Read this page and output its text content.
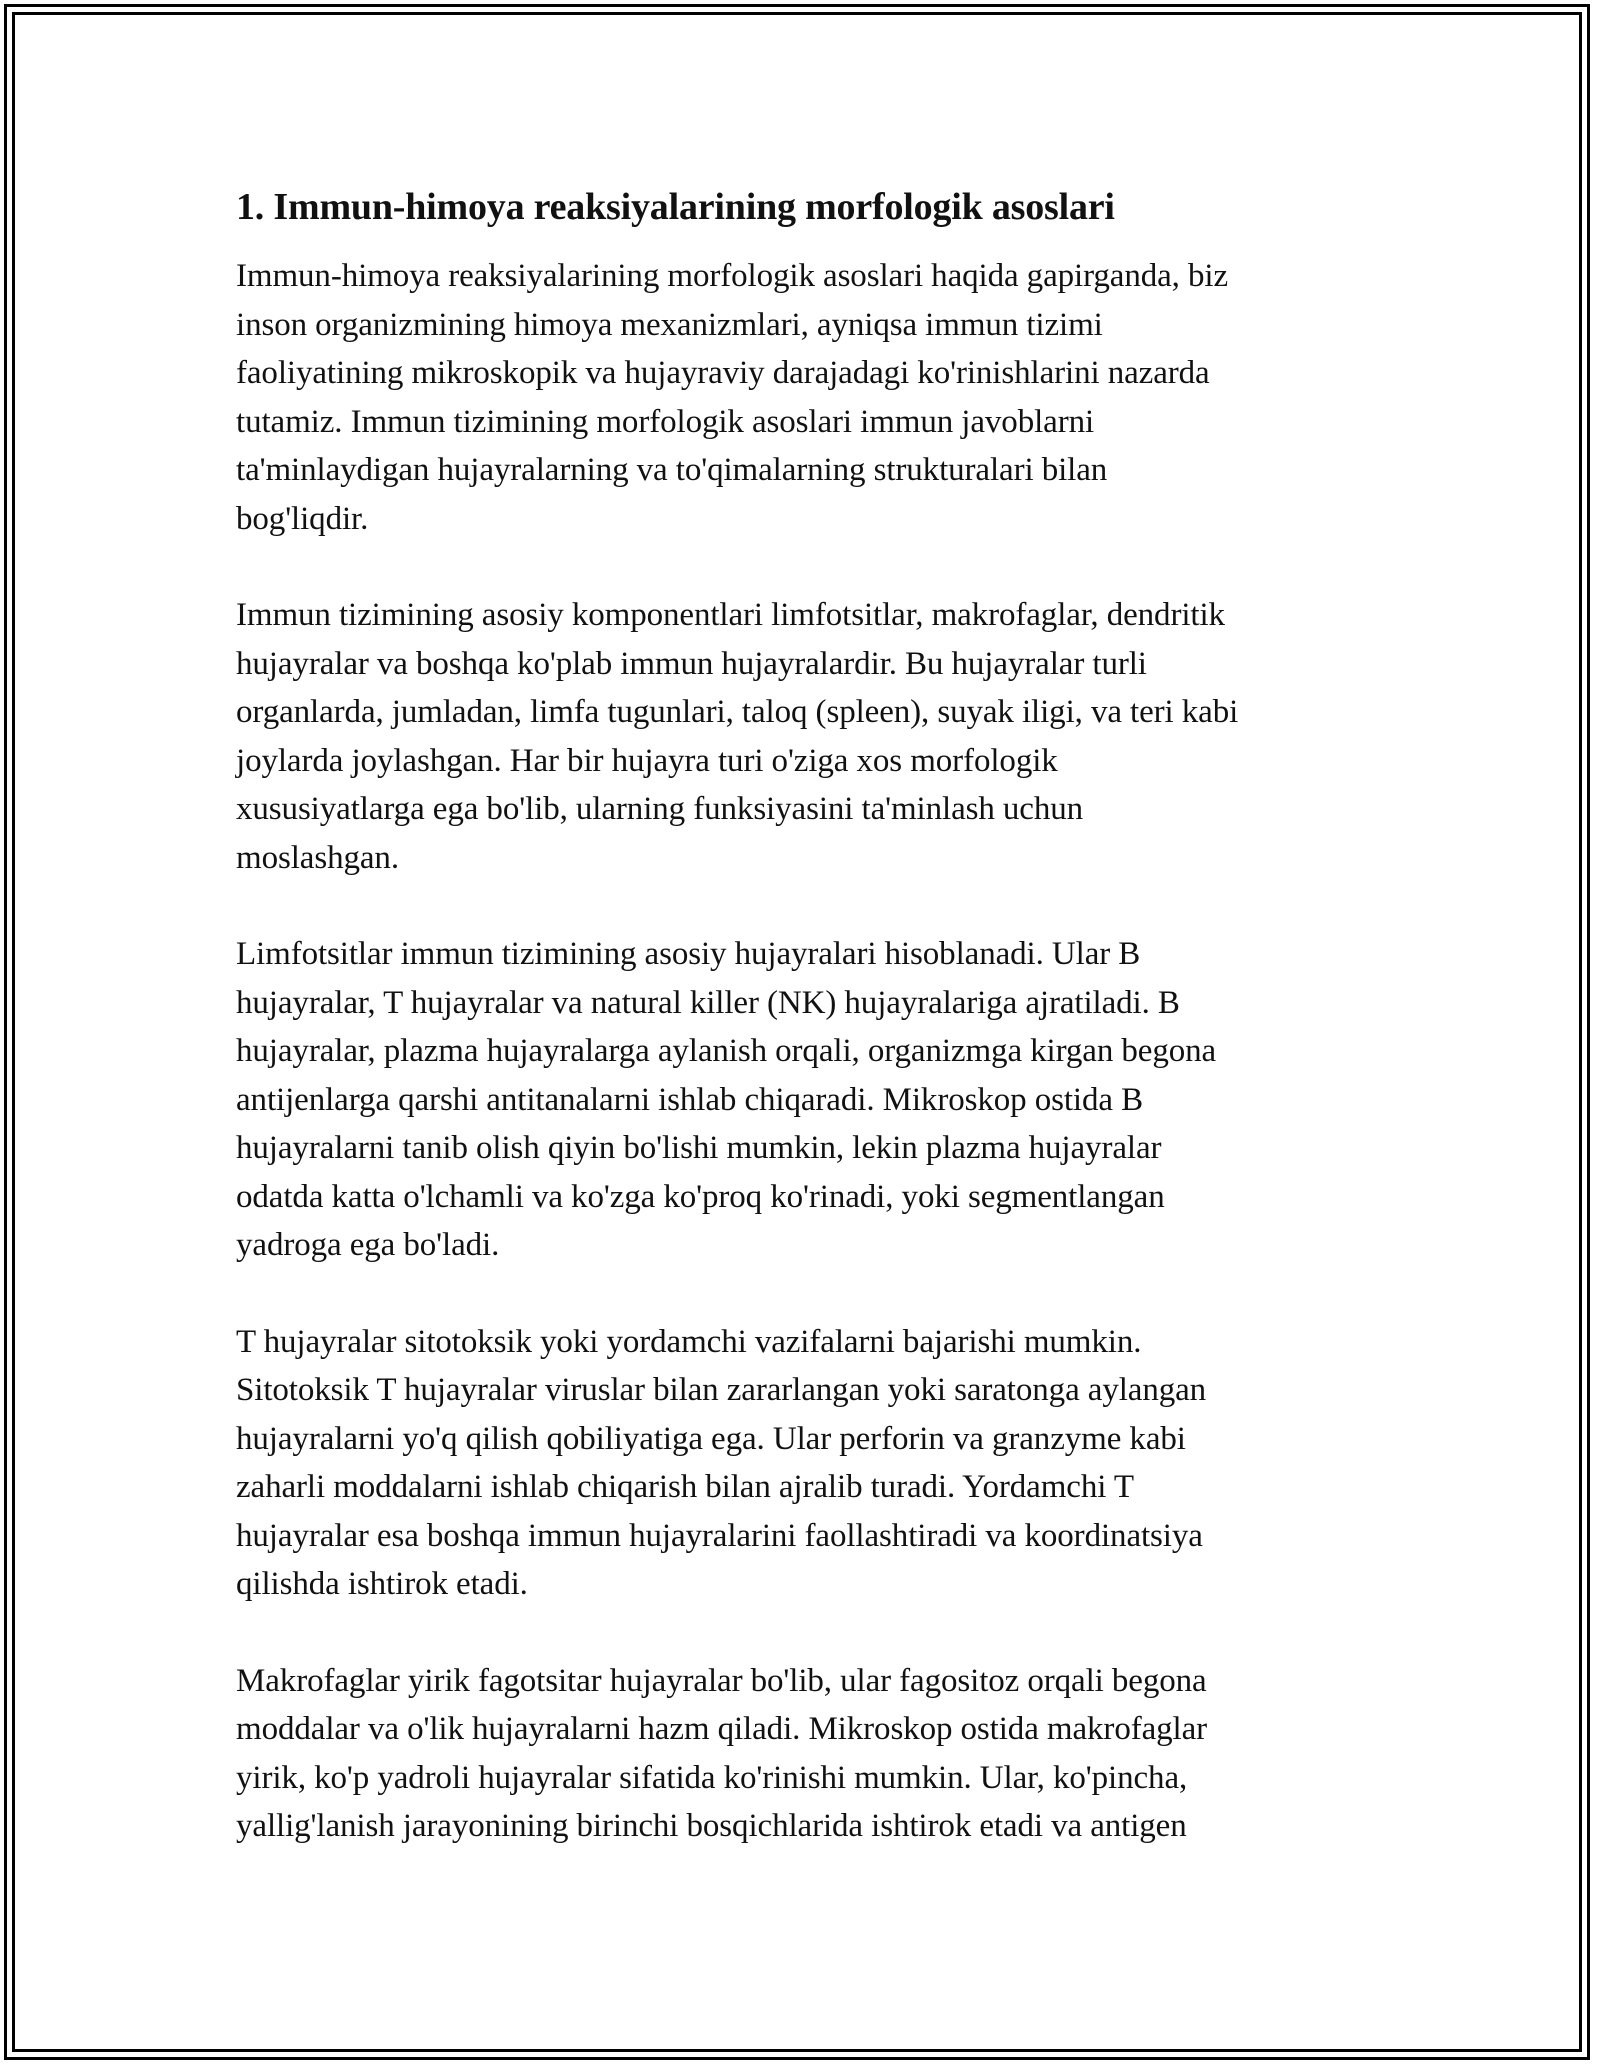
1. Immun-himoya reaksiyalarining morfologik asoslari

Immun-himoya reaksiyalarining morfologik asoslari haqida gapirganda, biz
inson organizmining himoya mexanizmlari, ayniqsa immun tizimi
faoliyatining mikroskopik va hujayraviy darajadagi ko'rinishlarini nazarda
tutamiz. Immun tizimining morfologik asoslari immun javoblarni
ta'minlaydigan hujayralarning va to'qimalarning strukturalari bilan
bog'liqdir.

Immun tizimining asosiy komponentlari limfotsitlar, makrofaglar, dendritik
hujayralar va boshqa ko'plab immun hujayralardir. Bu hujayralar turli
organlarda, jumladan, limfa tugunlari, taloq (spleen), suyak iligi, va teri kabi
joylarda joylashgan. Har bir hujayra turi o'ziga xos morfologik
xususiyatlarga ega bo'lib, ularning funksiyasini ta'minlash uchun
moslashgan.

Limfotsitlar immun tizimining asosiy hujayralari hisoblanadi. Ular B
hujayralar, T hujayralar va natural killer (NK) hujayralariga ajratiladi. B
hujayralar, plazma hujayralarga aylanish orqali, organizmga kirgan begona
antijenlarga qarshi antitanalarni ishlab chiqaradi. Mikroskop ostida B
hujayralarni tanib olish qiyin bo'lishi mumkin, lekin plazma hujayralar
odatda katta o'lchamli va ko'zga ko'proq ko'rinadi, yoki segmentlangan
yadroga ega bo'ladi.

T hujayralar sitotoksik yoki yordamchi vazifalarni bajarishi mumkin.
Sitotoksik T hujayralar viruslar bilan zararlangan yoki saratonga aylangan
hujayralarni yo'q qilish qobiliyatiga ega. Ular perforin va granzyme kabi
zaharli moddalarni ishlab chiqarish bilan ajralib turadi. Yordamchi T
hujayralar esa boshqa immun hujayralarini faollashtiradi va koordinatsiya
qilishda ishtirok etadi.

Makrofaglar yirik fagotsitar hujayralar bo'lib, ular fagositoz orqali begona
moddalar va o'lik hujayralarni hazm qiladi. Mikroskop ostida makrofaglar
yirik, ko'p yadroli hujayralar sifatida ko'rinishi mumkin. Ular, ko'pincha,
yallig'lanish jarayonining birinchi bosqichlarida ishtirok etadi va antigen
